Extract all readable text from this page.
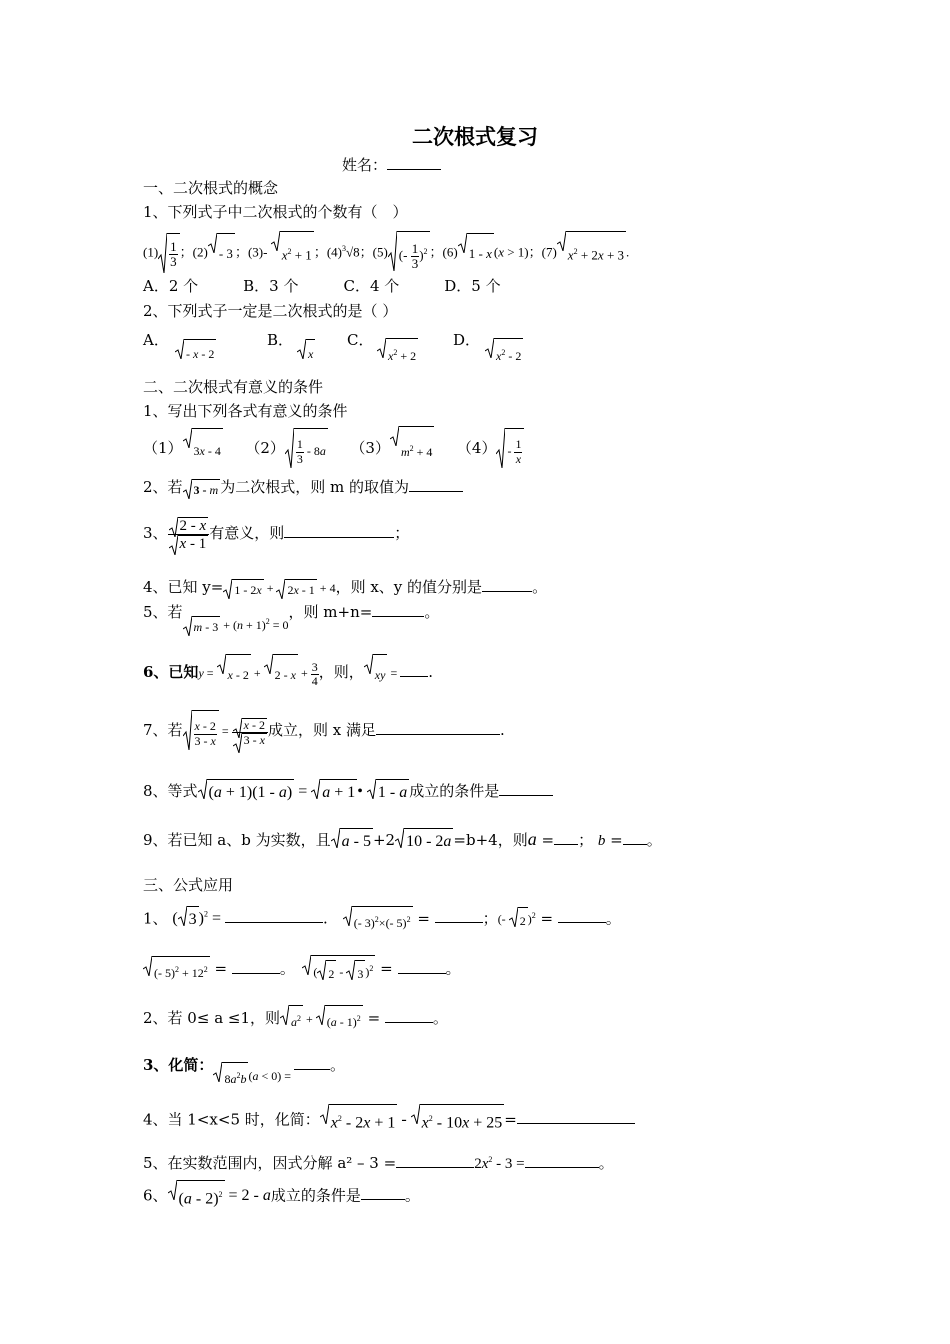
二次根式复习
姓名：
一、二次根式的概念
1、下列式子中二次根式的个数有（　）
$(1) \frac{1}{3}$ ；(2) - 3 ；(3)-
$x^2 + 1$ ；$(4)^3√8$；(5) (- $\frac{1}{3} )^2$ ；(6) 1 - x (x > 1)；(7) $x^2 + 2x + 3$ .
A．2 个　　　B．3 个　　　C．4 个　　　D．5 个
2、下列式子一定是二次根式的是（ ）
A．
- x - 2
B．
x
C．
$x^2 + 2$
D．
$x^2 - 2$
二、二次根式有意义的条件
1、写出下列各式有意义的条件
（1） 3x - 4　　$(2) \frac{1}{3} - 8a$　　（3） $m^2 + 4$　　$(4) - \frac{1}{x}$
2、若 3 - m 为二次根式，则 m 的取值为
3、 $\frac{2 - x}{x - 1}$ 有意义，则	；
4、已知 y= 1 - 2x +
2x - 1 + 4，则 x、y 的值分别是	。
5、若
$_{m - 3 + (n + 1)^2 = 0}$，则 m+n=	。
6、已知y =
x - 2 +
$2 - x + \frac{3}{4}$ ，则， xy = .
7、若 $\frac{x - 2}{3 - x} = \frac{x - 2}{3 - x}$ 成立，则 x 满足	.
8、等式 (a + 1)(1 - a) =
a + 1 •
1 - a 成立的条件是
9、若已知 a、b 为实数，且 a - 5 +2 10 - 2a =b+4，则a = ； b = 。
三、公式应用
1、 ( 3 )$^2$ =	.　
(- 3)$^2$×(- 5)$^2$ =	；(-
2 )$^2$ =	。
(- $5)^2 + 12^2$ =	。　
( 2 -
3 )$^2$ =	。
2、若 0≤ a ≤1，则 $a^2$ +
(a - 1)$^2$ =	。
3、化简：
$_{8a^2b (a < 0) =}$ 。
4、当 1<x<5 时，化简： $x^2 - 2x + 1$ -
$x^2 - 10x + 25$ =
5、在实数范围内，因式分解 a² – 3 =	$2x^2 - 3$ =	。
6、 (a - 2)$^2$ = 2 - a成立的条件是	。
